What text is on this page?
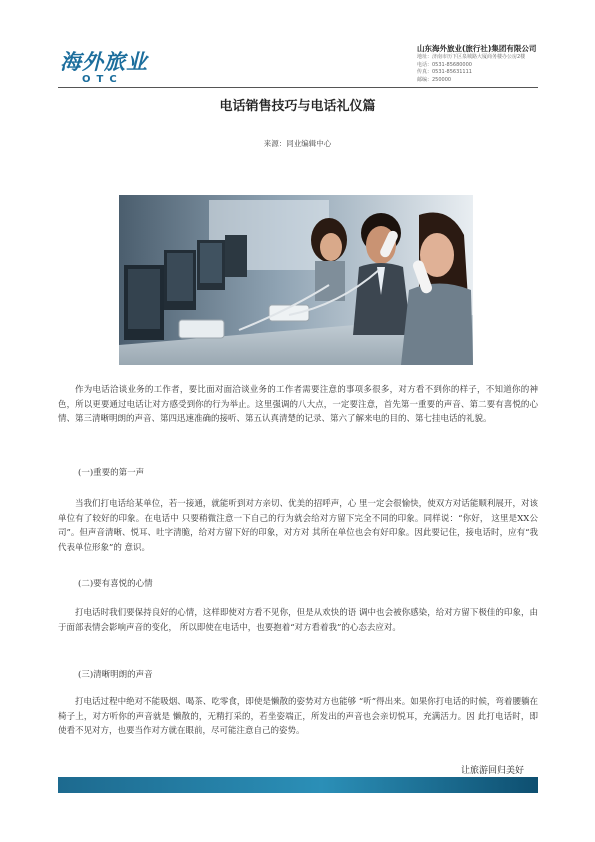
海外旅业
OTC
山东海外旅业(旅行社)集团有限公司
地址：济南市历下区泉城路大厦商务楼办公房2楼
电话：0531-85680000
传真：0531-85631111
邮编：250000
电话销售技巧与电话礼仪篇
来源：同业编辑中心

作为电话洽谈业务的工作者，要比面对面洽谈业务的工作者需要注意的事项多很多，对方看不到你的样子，不知道你的神色，所以更要通过电话让对方感受到你的行为举止。这里强调的八大点，一定要注意，首先第一重要的声音、第二要有喜悦的心情、第三清晰明朗的声音、第四迅速准确的接听、第五认真清楚的记录、第六了解来电的目的、第七挂电话的礼貌。

(一)重要的第一声

当我们打电话给某单位，若一接通，就能听到对方亲切、优美的招呼声，心 里一定会很愉快，使双方对话能顺利展开，对该单位有了较好的印象。在电话中 只要稍微注意一下自己的行为就会给对方留下完全不同的印象。同样说：“你好， 这里是XX公司”。但声音清晰、悦耳、吐字清脆，给对方留下好的印象，对方对 其所在单位也会有好印象。因此要记住，接电话时，应有“我代表单位形象”的 意识。

(二)要有喜悦的心情

打电话时我们要保持良好的心情，这样即使对方看不见你，但是从欢快的语 调中也会被你感染，给对方留下极佳的印象，由于面部表情会影响声音的变化， 所以即使在电话中，也要抱着“对方看着我”的心态去应对。

(三)清晰明朗的声音

打电话过程中绝对不能吸烟、喝茶、吃零食，即使是懒散的姿势对方也能够 “听”得出来。如果你打电话的时候，弯着腰躺在椅子上，对方听你的声音就是 懒散的，无精打采的，若坐姿端正，所发出的声音也会亲切悦耳，充满活力。因 此打电话时，即使看不见对方，也要当作对方就在眼前，尽可能注意自己的姿势。

让旅游回归美好
